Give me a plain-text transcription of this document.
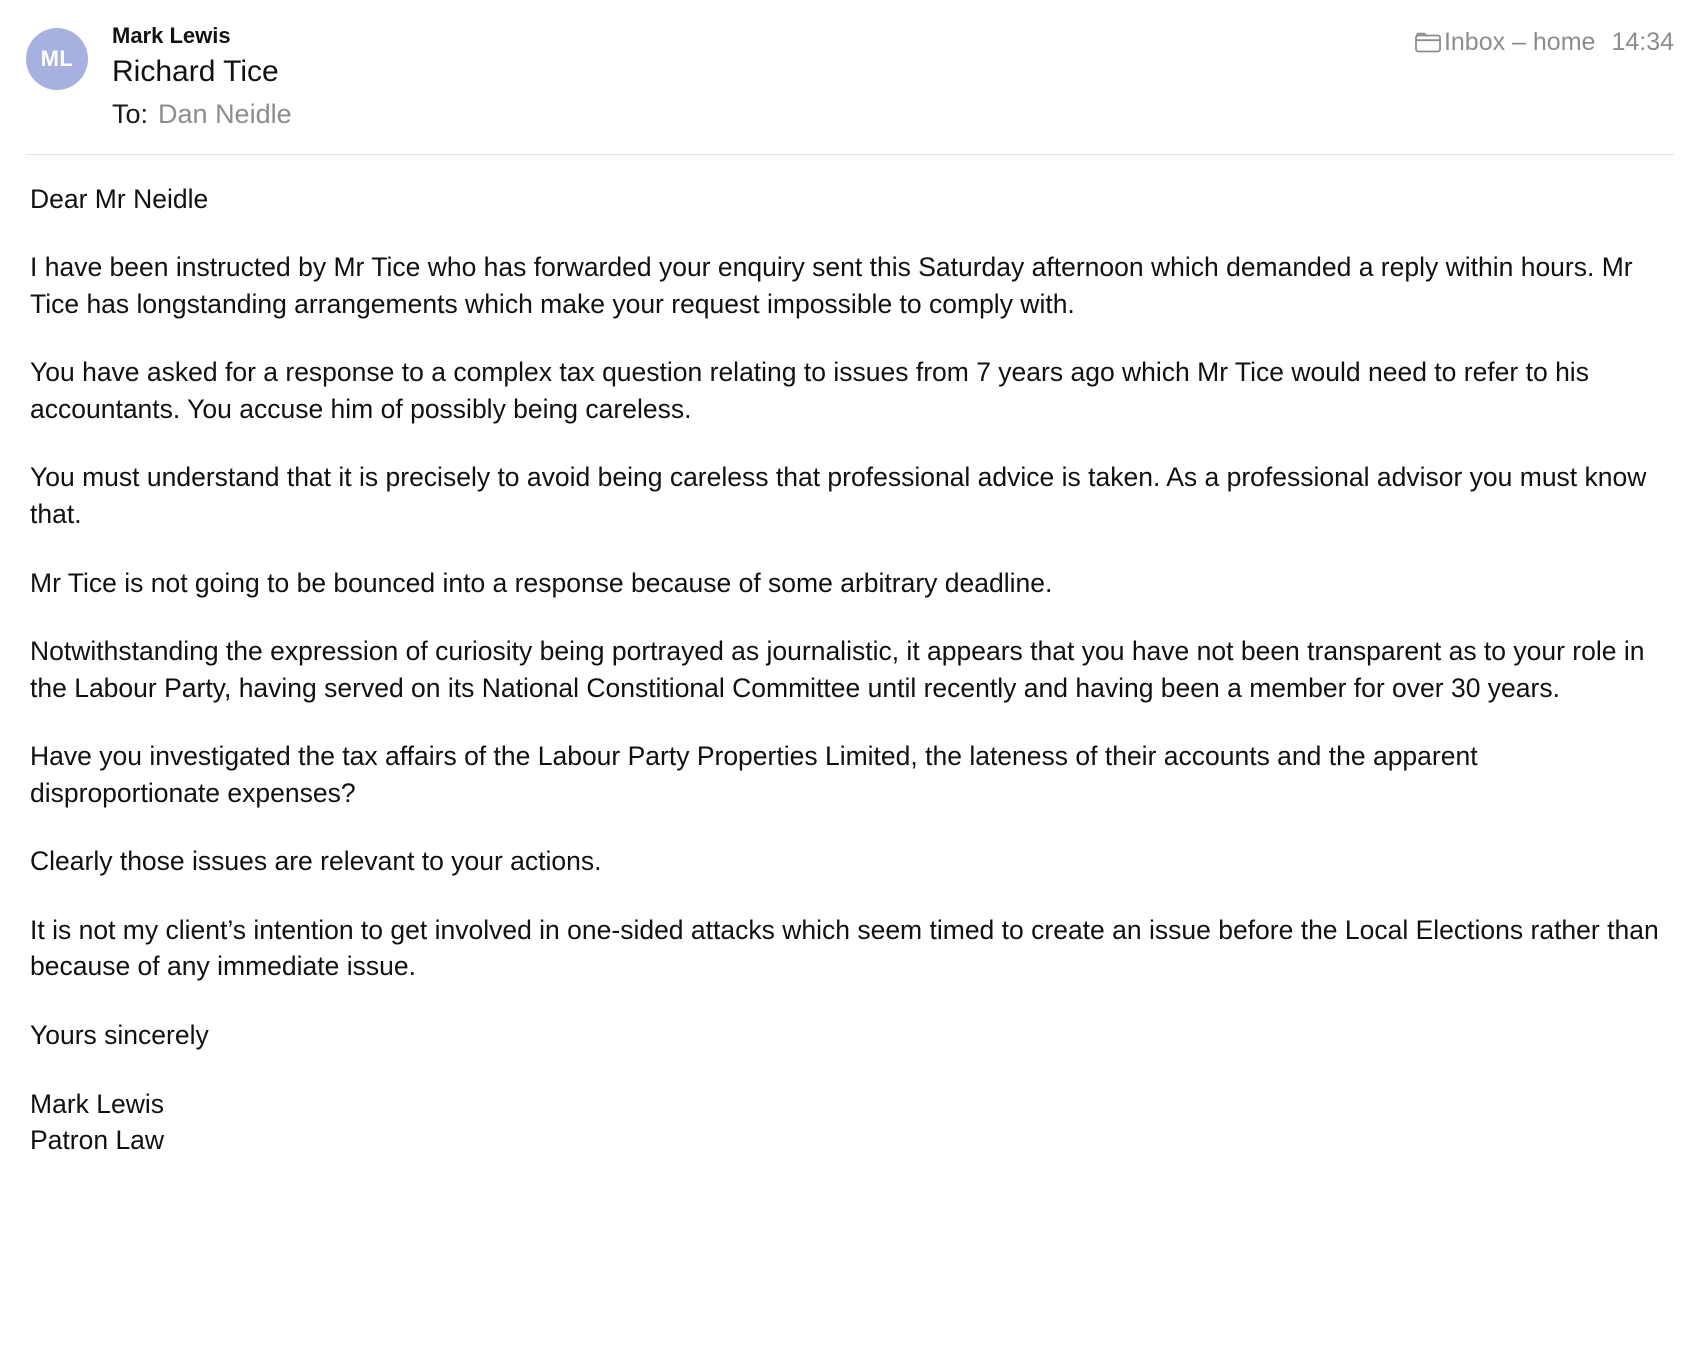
ML
Mark Lewis
Richard Tice
To: Dan Neidle
Inbox – home 14:34

Dear Mr Neidle

I have been instructed by Mr Tice who has forwarded your enquiry sent this Saturday afternoon which demanded a reply within hours. Mr Tice has longstanding arrangements which make your request impossible to comply with.

You have asked for a response to a complex tax question relating to issues from 7 years ago which Mr Tice would need to refer to his accountants. You accuse him of possibly being careless.

You must understand that it is precisely to avoid being careless that professional advice is taken. As a professional advisor you must know that.

Mr Tice is not going to be bounced into a response because of some arbitrary deadline.

Notwithstanding the expression of curiosity being portrayed as journalistic, it appears that you have not been transparent as to your role in the Labour Party, having served on its National Constitional Committee until recently and having been a member for over 30 years.

Have you investigated the tax affairs of the Labour Party Properties Limited, the lateness of their accounts and the apparent disproportionate expenses?

Clearly those issues are relevant to your actions.

It is not my client’s intention to get involved in one-sided attacks which seem timed to create an issue before the Local Elections rather than because of any immediate issue.

Yours sincerely

Mark Lewis
Patron Law
